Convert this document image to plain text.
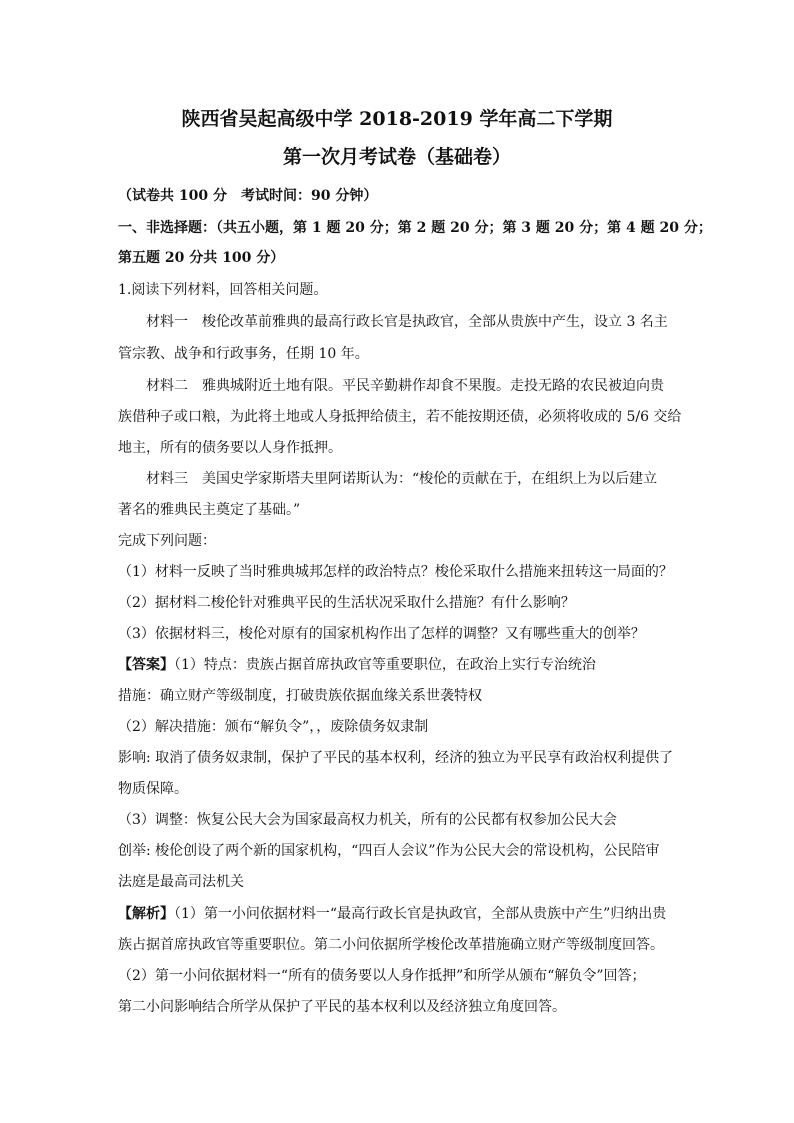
陕西省吴起高级中学 2018-2019 学年高二下学期
第一次月考试卷（基础卷）
（试卷共 100 分　考试时间：90 分钟）
一、非选择题：（共五小题，第 1 题 20 分；第 2 题 20 分；第 3 题 20 分；第 4 题 20 分；
第五题 20 分共 100 分）
1.阅读下列材料，回答相关问题。
材料一　梭伦改革前雅典的最高行政长官是执政官，全部从贵族中产生，设立 3 名主
管宗教、战争和行政事务，任期 10 年。
材料二　雅典城附近土地有限。平民辛勤耕作却食不果腹。走投无路的农民被迫向贵
族借种子或口粮，为此将土地或人身抵押给债主，若不能按期还债，必须将收成的 5/6 交给
地主，所有的债务要以人身作抵押。
材料三　美国史学家斯塔夫里阿诺斯认为：“梭伦的贡献在于，在组织上为以后建立
著名的雅典民主奠定了基础。”
完成下列问题：
（1）材料一反映了当时雅典城邦怎样的政治特点？梭伦采取什么措施来扭转这一局面的？
（2）据材料二梭伦针对雅典平民的生活状况采取什么措施？有什么影响？
（3）依据材料三，梭伦对原有的国家机构作出了怎样的调整？又有哪些重大的创举？
【答案】（1）特点：贵族占据首席执政官等重要职位，在政治上实行专治统治
措施：确立财产等级制度，打破贵族依据血缘关系世袭特权
（2）解决措施：颁布“解负令”，，废除债务奴隶制
影响: 取消了债务奴隶制，保护了平民的基本权利，经济的独立为平民享有政治权利提供了
物质保障。
（3）调整：恢复公民大会为国家最高权力机关，所有的公民都有权参加公民大会
创举: 梭伦创设了两个新的国家机构，“四百人会议”作为公民大会的常设机构，公民陪审
法庭是最高司法机关
【解析】（1）第一小问依据材料一“最高行政长官是执政官，全部从贵族中产生”归纳出贵
族占据首席执政官等重要职位。第二小问依据所学梭伦改革措施确立财产等级制度回答。
（2）第一小问依据材料一“所有的债务要以人身作抵押”和所学从颁布“解负令”回答；
第二小问影响结合所学从保护了平民的基本权利以及经济独立角度回答。
